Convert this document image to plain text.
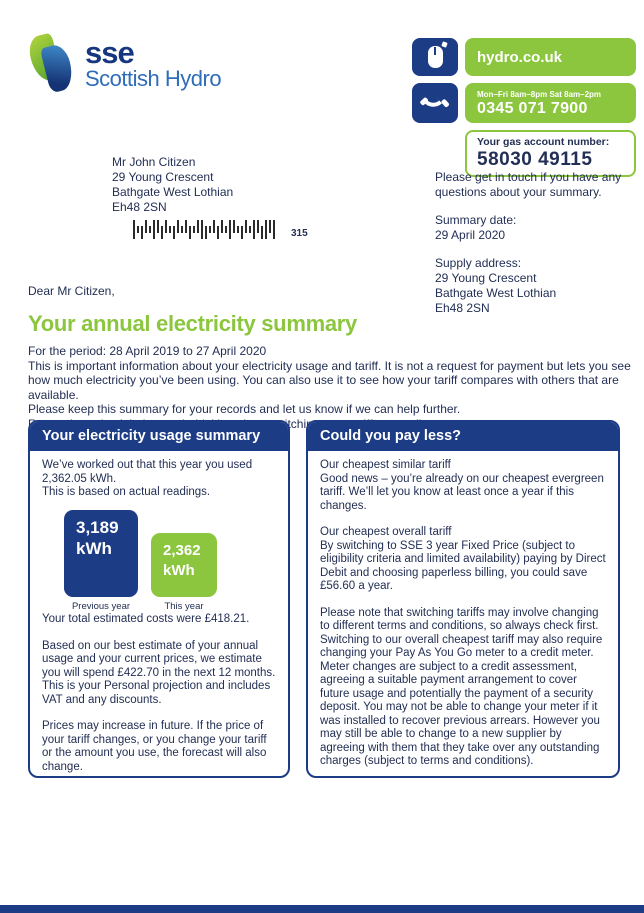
sse
Scottish Hydro
hydro.co.uk
Mon–Fri 8am–8pm Sat 8am–2pm
0345 071 7900
Your gas account number:
58030 49115
Mr John Citizen
29 Young Crescent
Bathgate West Lothian
Eh48 2SN
315
Please get in touch if you have any questions about your summary.
Summary date:
29 April 2020
Supply address:
29 Young Crescent
Bathgate West Lothian
Eh48 2SN
Dear Mr Citizen,
Your annual electricity summary
For the period: 28 April 2019 to 27 April 2020
This is important information about your electricity usage and tariff. It is not a request for payment but lets you see how much electricity you’ve been using. You can also use it to see how your tariff compares with others that are available.
Please keep this summary for your records and let us know if we can help further.
switching
Your electricity usage summary

We’ve worked out that this year you used 2,362.05 kWh.

This is based on actual readings.

3,189
kWh
Previous year
2,362
kWh
This year

Your total estimated costs were £418.21.

Based on our best estimate of your annual usage and your current prices, we estimate you will spend £422.70 in the next 12 months. This is your Personal projection and includes VAT and any discounts.

Prices may increase in future. If the price of your tariff changes, or you change your tariff or the amount you use, the forecast will also change.

Could you pay less?

Our cheapest similar tariff

Good news – you’re already on our cheapest evergreen tariff. We’ll let you know at least once a year if this changes.

Our cheapest overall tariff

By switching to SSE 3 year Fixed Price (subject to eligibility criteria and limited availability) paying by Direct Debit and choosing paperless billing, you could save £56.60 a year.

Please note that switching tariffs may involve changing to different terms and conditions, so always check first. Switching to our overall cheapest tariff may also require changing your Pay As You Go meter to a credit meter. Meter changes are subject to a credit assessment, agreeing a suitable payment arrangement to cover future usage and potentially the payment of a security deposit. You may not be able to change your meter if it was installed to recover previous arrears. However you may still be able to change to a new supplier by agreeing with them that they take over any outstanding charges (subject to terms and conditions).
